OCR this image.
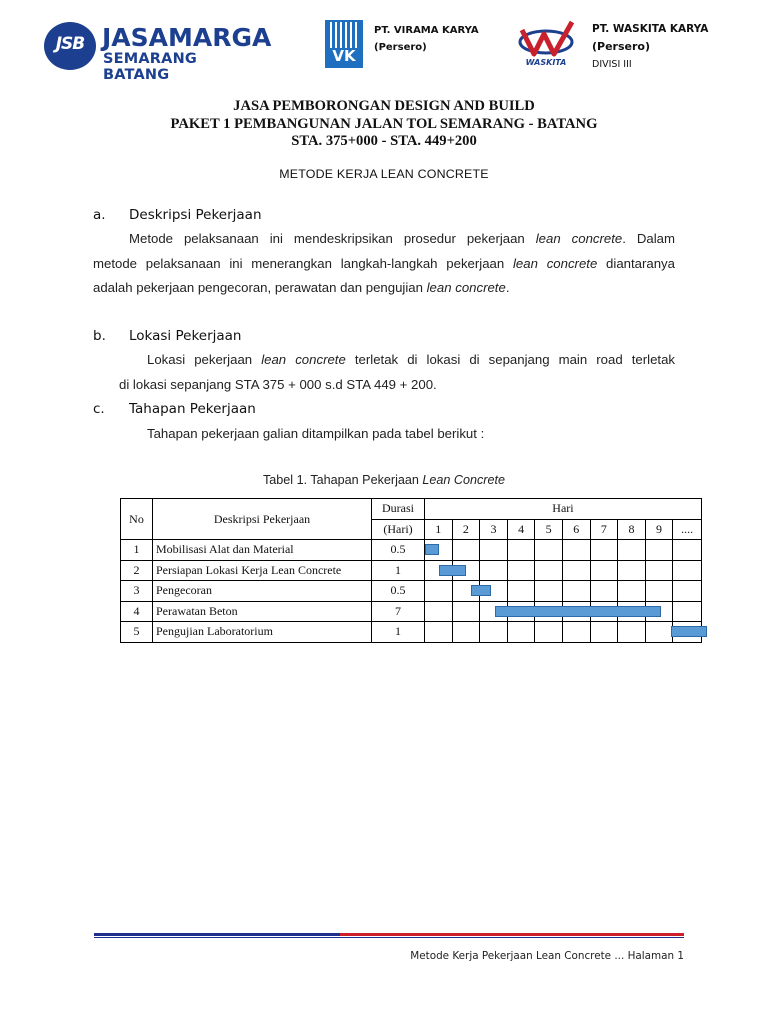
JSB JASAMARGA
SEMARANG BATANG
VK
PT. VIRAMA KARYA
(Persero)
WASKITA
PT. WASKITA KARYA
(Persero)
DIVISI III
JASA PEMBORONGAN DESIGN AND BUILD
PAKET 1 PEMBANGUNAN JALAN TOL SEMARANG - BATANG
STA. 375+000 - STA. 449+200
METODE KERJA LEAN CONCRETE
a. Deskripsi Pekerjaan
Metode pelaksanaan ini mendeskripsikan prosedur pekerjaan lean concrete. Dalam
metode pelaksanaan ini menerangkan langkah-langkah pekerjaan lean concrete diantaranya
adalah pekerjaan pengecoran, perawatan dan pengujian lean concrete.
b. Lokasi Pekerjaan
Lokasi pekerjaan lean concrete terletak di lokasi di sepanjang main road terletak
di lokasi sepanjang STA 375 + 000 s.d STA 449 + 200.
c. Tahapan Pekerjaan
Tahapan pekerjaan galian ditampilkan pada tabel berikut :
Tabel 1. Tahapan Pekerjaan Lean Concrete
No	Deskripsi Pekerjaan	Durasi	Hari									
		(Hari)	1	2	3	4	5	6	7	8	9	....
1	Mobilisasi Alat dan Material	0.5	

2	Persiapan Lokasi Kerja Lean Concrete	1	

3	Pengecoran	0.5	

4	Perawatan Beton	7	

5	Pengujian Laboratorium	1	

Metode Kerja Pekerjaan Lean Concrete ... Halaman 1
